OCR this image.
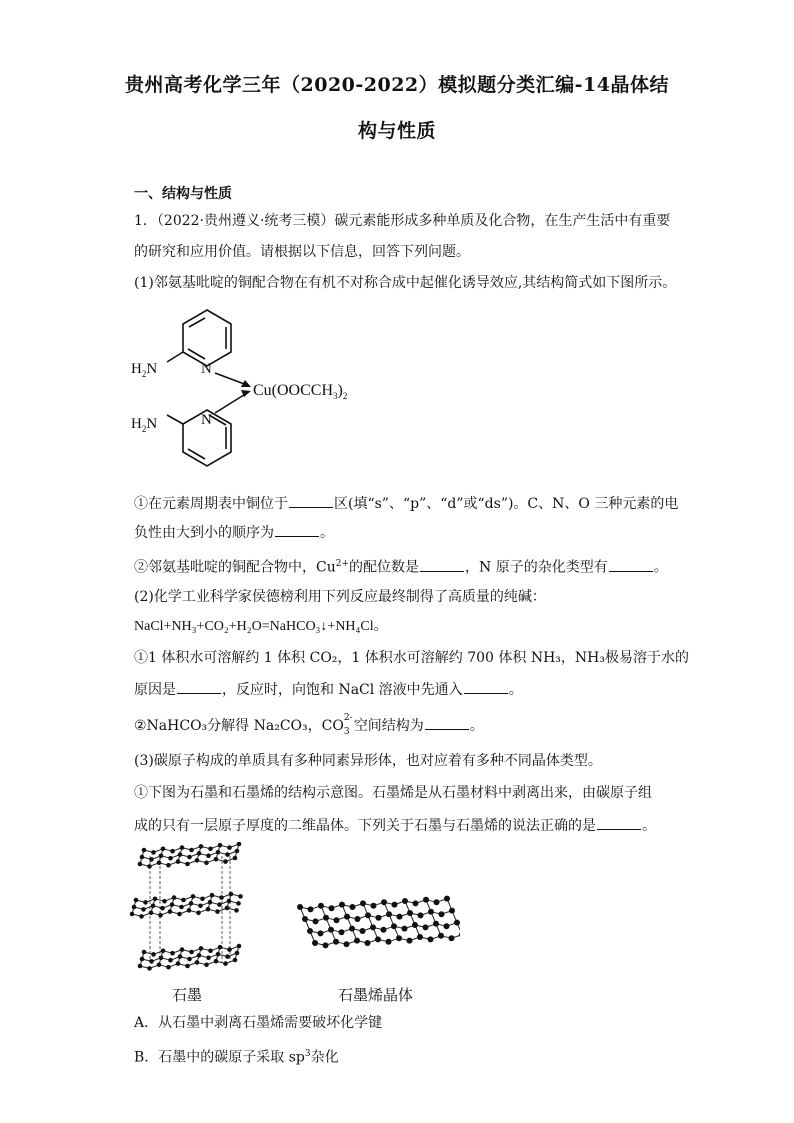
贵州高考化学三年（2020-2022）模拟题分类汇编-14晶体结
构与性质
一、结构与性质
1．（2022·贵州遵义·统考三模）碳元素能形成多种单质及化合物，在生产生活中有重要
的研究和应用价值。请根据以下信息，回答下列问题。
(1)邻氨基吡啶的铜配合物在有机不对称合成中起催化诱导效应,其结构简式如下图所示。
$H_2N$	N
$H_2N$	N
$Cu(OOCCH_3)_2$
①在元素周期表中铜位于	区(填“s”、“p”、“d”或“ds”)。C、N、O 三种元素的电
负性由大到小的顺序为	。
②邻氨基吡啶的铜配合物中，$Cu^{2+}$的配位数是	，N 原子的杂化类型有	。
(2)化学工业科学家侯德榜利用下列反应最终制得了高质量的纯碱：
NaCl+NH₃+CO₂+H₂O=NaHCO₃↓+NH₄Cl。
①1 体积水可溶解约 1 体积 CO₂，1 体积水可溶解约 700 体积 NH₃，NH₃极易溶于水的
原因是	，反应时，向饱和 NaCl 溶液中先通入	。
②NaHCO₃分解得 Na₂CO₃，CO 2-
3 空间结构为	。
(3)碳原子构成的单质具有多种同素异形体，也对应着有多种不同晶体类型。
①下图为石墨和石墨烯的结构示意图。石墨烯是从石墨材料中剥离出来，由碳原子组
成的只有一层原子厚度的二维晶体。下列关于石墨与石墨烯的说法正确的是	。
石墨	石墨烯晶体
A．从石墨中剥离石墨烯需要破坏化学键
B．石墨中的碳原子采取 $sp^3$杂化
